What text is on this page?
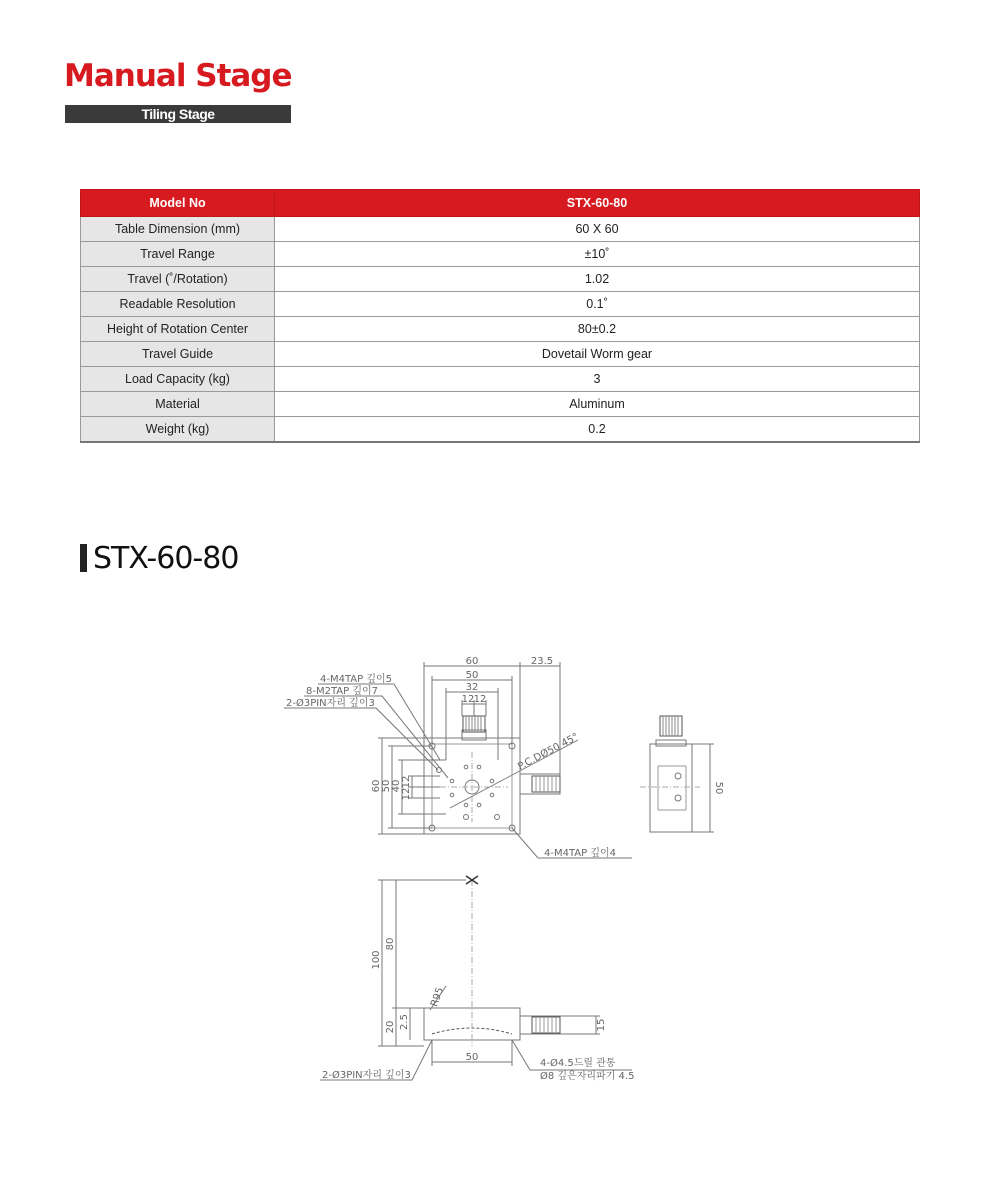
Manual Stage
Tiling Stage
Model No	STX-60-80
Table Dimension (mm)	60 X 60
Travel Range	±10˚
Travel (˚/Rotation)	1.02
Readable Resolution	0.1˚
Height of Rotation Center	80±0.2
Travel Guide	Dovetail Worm gear
Load Capacity (kg)	3
Material	Aluminum
Weight (kg)	0.2
STX-60-80
60
50
32
12 12
23.5
60 50 40 12
12	50
100
80
20 2.5	15
R95
50
4-M4TAP 깊이5
8-M2TAP 깊이7
2-Ø3PIN자리 깊이3
P.C.DØ50 45°
4-M4TAP 깊이4
2-Ø3PIN자리 깊이3
4-Ø4.5드릴 관통
Ø8 깊은자리파기 4.5
